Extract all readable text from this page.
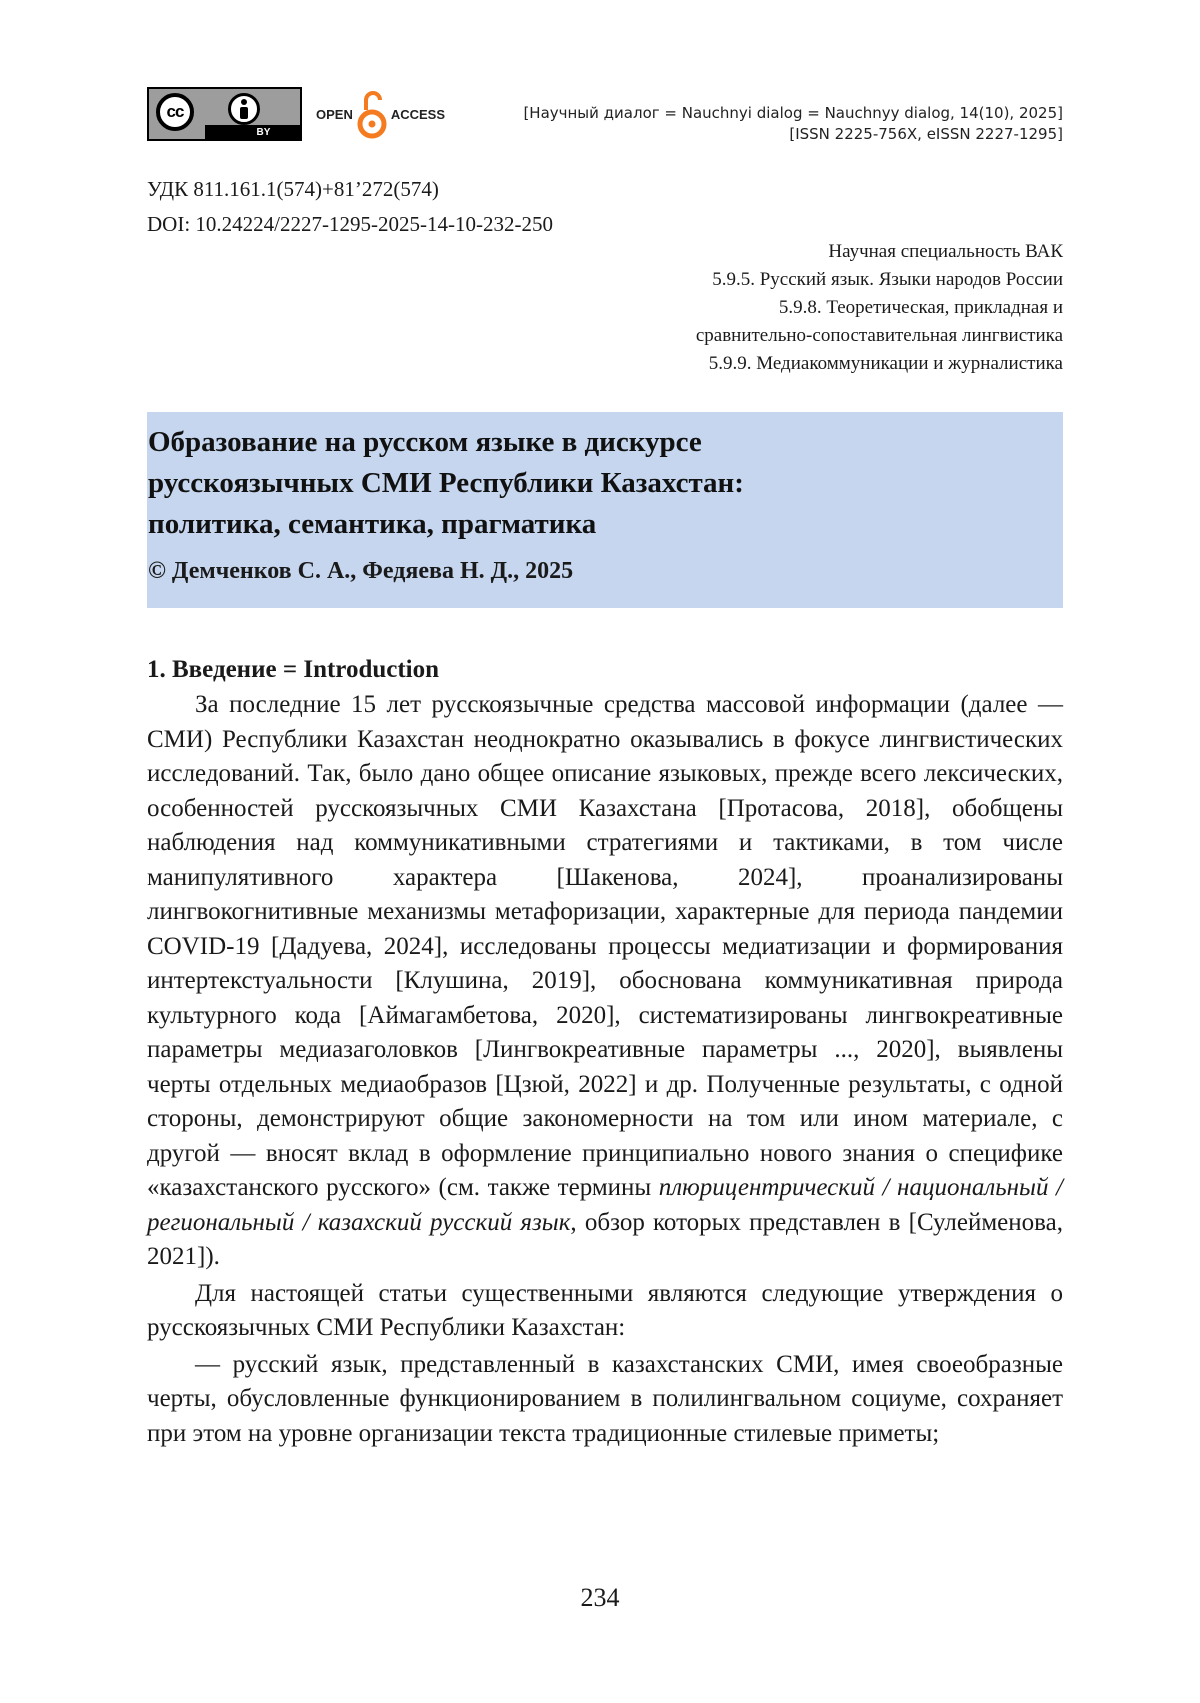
cc
BY
OPEN	ACCESS	[Научный диалог = Nauchnyi dialog = Nauchnyy dialog, 14(10), 2025]
[ISSN 2225-756X, eISSN 2227-1295]
УДК 811.161.1(574)+81’272(574)
DOI: 10.24224/2227-1295-2025-14-10-232-250
Научная специальность ВАК
5.9.5. Русский язык. Языки народов России
5.9.8. Теоретическая, прикладная и
сравнительно-сопоставительная лингвистика
5.9.9. Медиакоммуникации и журналистика
Образование на русском языке в дискурсе русскоязычных СМИ Республики Казахстан: политика, семантика, прагматика
© Демченков С. А., Федяева Н. Д., 2025
1. Введение = Introduction

За последние 15 лет русскоязычные средства массовой информации (далее — СМИ) Республики Казахстан неоднократно оказывались в фокусе лингвистических исследований. Так, было дано общее описание языковых, прежде всего лексических, особенностей русскоязычных СМИ Казахстана [Протасова, 2018], обобщены наблюдения над коммуникативными стратегиями и тактиками, в том числе манипулятивного характера [Шакенова, 2024], проанализированы лингвокогнитивные механизмы метафоризации, характерные для периода пандемии COVID-19 [Дадуева, 2024], исследованы процессы медиатизации и формирования интертекстуальности [Клушина, 2019], обоснована коммуникативная природа культурного кода [Аймагамбетова, 2020], систематизированы лингвокреативные параметры медиазаголовков [Лингвокреативные параметры ..., 2020], выявлены черты отдельных медиаобразов [Цзюй, 2022] и др. Полученные результаты, с одной стороны, демонстрируют общие закономерности на том или ином материале, с другой — вносят вклад в оформление принципиально нового знания о специфике «казахстанского русского» (см. также термины плюрицентрический / национальный / региональный / казахский русский язык, обзор которых представлен в [Сулейменова, 2021]).

Для настоящей статьи существенными являются следующие утверждения о русскоязычных СМИ Республики Казахстан:

— русский язык, представленный в казахстанских СМИ, имея своеобразные черты, обусловленные функционированием в полилингвальном социуме, сохраняет при этом на уровне организации текста традиционные стилевые приметы;

234
